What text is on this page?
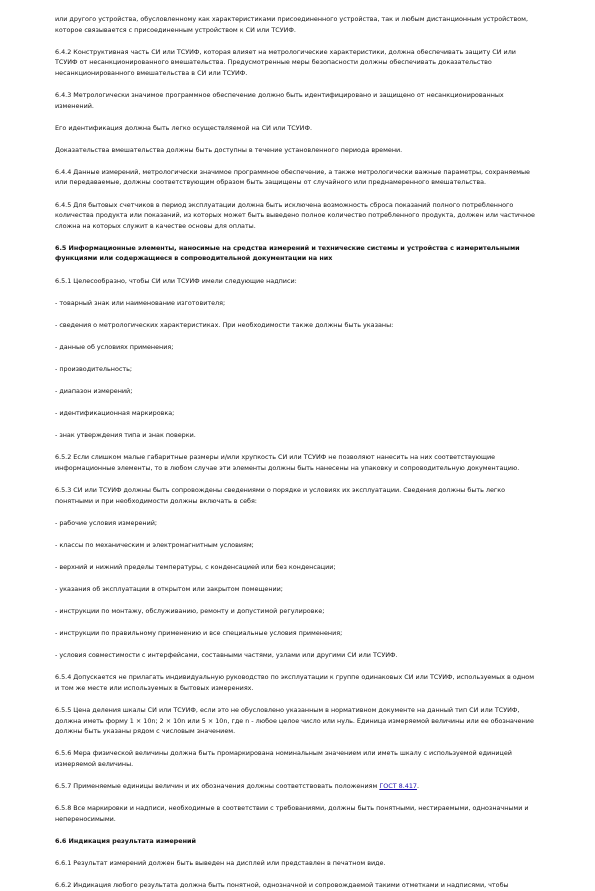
или другого устройства, обусловленному как характеристиками присоединенного устройства, так и любым дистанционным устройством,
которое связывается с присоединенным устройством к СИ или ТСУИФ.

6.4.2 Конструктивная часть СИ или ТСУИФ, которая влияет на метрологические характеристики, должна обеспечивать защиту СИ или
ТСУИФ от несанкционированного вмешательства. Предусмотренные меры безопасности должны обеспечивать доказательство
несанкционированного вмешательства в СИ или ТСУИФ.

6.4.3 Метрологически значимое программное обеспечение должно быть идентифицировано и защищено от несанкционированных
изменений.

Его идентификация должна быть легко осуществляемой на СИ или ТСУИФ.

Доказательства вмешательства должны быть доступны в течение установленного периода времени.

6.4.4 Данные измерений, метрологически значимое программное обеспечение, а также метрологически важные параметры, сохраняемые
или передаваемые, должны соответствующим образом быть защищены от случайного или преднамеренного вмешательства.

6.4.5 Для бытовых счетчиков в период эксплуатации должна быть исключена возможность сброса показаний полного потребленного
количества продукта или показаний, из которых может быть выведено полное количество потребленного продукта, должен или частичное
сложна на которых служит в качестве основы для оплаты.

6.5 Информационные элементы, наносимые на средства измерений и технические системы и устройства с измерительными
функциями или содержащиеся в сопроводительной документации на них

6.5.1 Целесообразно, чтобы СИ или ТСУИФ имели следующие надписи:

- товарный знак или наименование изготовителя;

- сведения о метрологических характеристиках. При необходимости также должны быть указаны:

- данные об условиях применения;

- производительность;

- диапазон измерений;

- идентификационная маркировка;

- знак утверждения типа и знак поверки.

6.5.2 Если слишком малые габаритные размеры и/или хрупкость СИ или ТСУИФ не позволяют нанесить на них соответствующие
информационные элементы, то в любом случае эти элементы должны быть нанесены на упаковку и сопроводительную документацию.

6.5.3 СИ или ТСУИФ должны быть сопровождены сведениями о порядке и условиях их эксплуатации. Сведения должны быть легко
понятными и при необходимости должны включать в себя:

- рабочие условия измерений;

- классы по механическим и электромагнитным условиям;

- верхний и нижний пределы температуры, с конденсацией или без конденсации;

- указания об эксплуатации в открытом или закрытом помещении;

- инструкции по монтажу, обслуживанию, ремонту и допустимой регулировке;

- инструкции по правильному применению и все специальные условия применения;

- условия совместимости с интерфейсами, составными частями, узлами или другими СИ или ТСУИФ.

6.5.4 Допускается не прилагать индивидуальную руководство по эксплуатации к группе одинаковых СИ или ТСУИФ, используемых в одном
и том же месте или используемых в бытовых измерениях.

6.5.5 Цена деления шкалы СИ или ТСУИФ, если это не обусловлено указанным в нормативном документе на данный тип СИ или ТСУИФ,
должна иметь форму 1 × 10n; 2 × 10n или 5 × 10n, где n - любое целое число или нуль. Единица измеряемой величины или ее обозначение
должны быть указаны рядом с числовым значением.

6.5.6 Мера физической величины должна быть промаркирована номинальным значением или иметь шкалу с используемой единицей
измеряемой величины.

6.5.7 Применяемые единицы величин и их обозначения должны соответствовать положениям ГОСТ 8.417.

6.5.8 Все маркировки и надписи, необходимые в соответствии с требованиями, должны быть понятными, нестираемыми, однозначными и
непереносимыми.

6.6 Индикация результата измерений

6.6.1 Результат измерений должен быть выведен на дисплей или представлен в печатном виде.

6.6.2 Индикация любого результата должна быть понятной, однозначной и сопровождаемой такими отметками и надписями, чтобы
